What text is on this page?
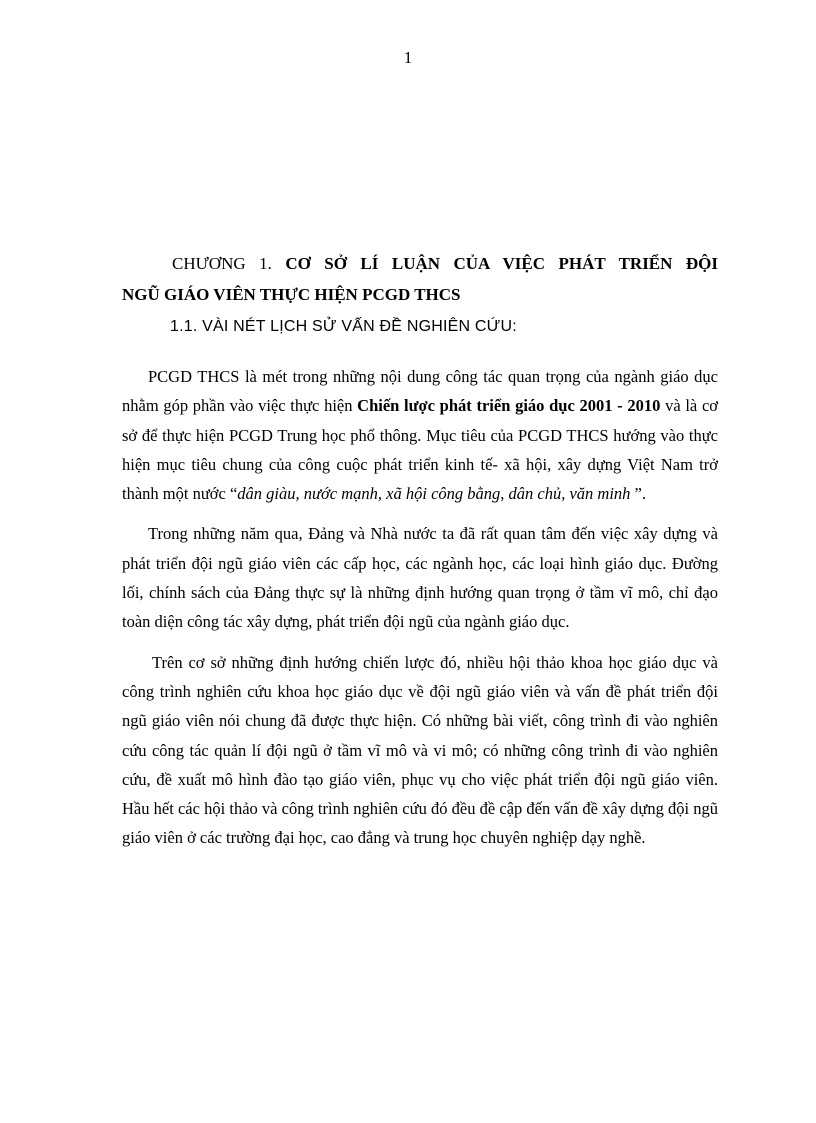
1
CHƯƠNG 1. CƠ SỞ LÍ LUẬN CỦA VIỆC PHÁT TRIỂN ĐỘI
NGŨ GIÁO VIÊN THỰC HIỆN PCGD THCS
1.1. VÀI NÉT LỊCH SỬ VẤN ĐỀ NGHIÊN CỨU:

PCGD THCS là mét trong những nội dung công tác quan trọng của ngành giáo dục nhằm góp phần vào việc thực hiện Chiến lược phát triển giáo dục 2001 - 2010 và là cơ sở để thực hiện PCGD Trung học phổ thông. Mục tiêu của PCGD THCS hướng vào thực hiện mục tiêu chung của công cuộc phát triển kinh tế- xã hội, xây dựng Việt Nam trở thành một nước “dân giàu, nước mạnh, xã hội công bằng, dân chủ, văn minh ”.

Trong những năm qua, Đảng và Nhà nước ta đã rất quan tâm đến việc xây dựng và phát triển đội ngũ giáo viên các cấp học, các ngành học, các loại hình giáo dục. Đường lối, chính sách của Đảng thực sự là những định hướng quan trọng ở tầm vĩ mô, chỉ đạo toàn diện công tác xây dựng, phát triển đội ngũ của ngành giáo dục.

Trên cơ sở những định hướng chiến lược đó, nhiều hội thảo khoa học giáo dục và công trình nghiên cứu khoa học giáo dục về đội ngũ giáo viên và vấn đề phát triển đội ngũ giáo viên nói chung đã được thực hiện. Có những bài viết, công trình đi vào nghiên cứu công tác quản lí đội ngũ ở tầm vĩ mô và vi mô; có những công trình đi vào nghiên cứu, đề xuất mô hình đào tạo giáo viên, phục vụ cho việc phát triển đội ngũ giáo viên. Hầu hết các hội thảo và công trình nghiên cứu đó đều đề cập đến vấn đề xây dựng đội ngũ giáo viên ở các trường đại học, cao đẳng và trung học chuyên nghiệp dạy nghề.
